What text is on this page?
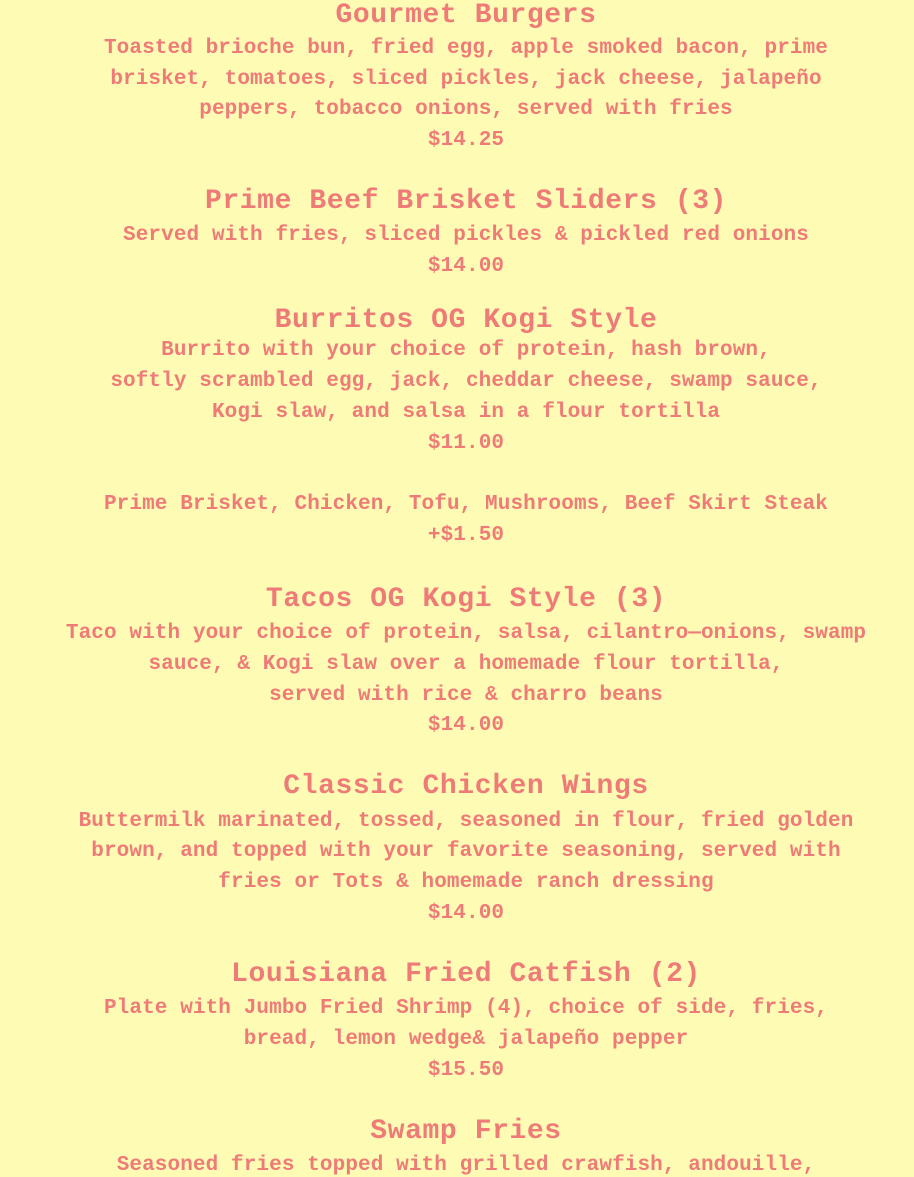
Gourmet Burgers
Toasted brioche bun, fried egg, apple smoked bacon, prime
brisket, tomatoes, sliced pickles, jack cheese, jalapeño
peppers, tobacco onions, served with fries
$14.25
Prime Beef Brisket Sliders (3)
Served with fries, sliced pickles & pickled red onions
$14.00
Burritos OG Kogi Style
Burrito with your choice of protein, hash brown,
softly scrambled egg, jack, cheddar cheese, swamp sauce,
Kogi slaw, and salsa in a flour tortilla
$11.00
Prime Brisket, Chicken, Tofu, Mushrooms, Beef Skirt Steak
+$1.50
Tacos OG Kogi Style (3)
Taco with your choice of protein, salsa, cilantro—onions, swamp
sauce, & Kogi slaw over a homemade flour tortilla,
served with rice & charro beans
$14.00
Classic Chicken Wings
Buttermilk marinated, tossed, seasoned in flour, fried golden
brown, and topped with your favorite seasoning, served with
fries or Tots & homemade ranch dressing
$14.00
Louisiana Fried Catfish (2)
Plate with Jumbo Fried Shrimp (4), choice of side, fries,
bread, lemon wedge& jalapeño pepper
$15.50
Swamp Fries
Seasoned fries topped with grilled crawfish, andouille,
